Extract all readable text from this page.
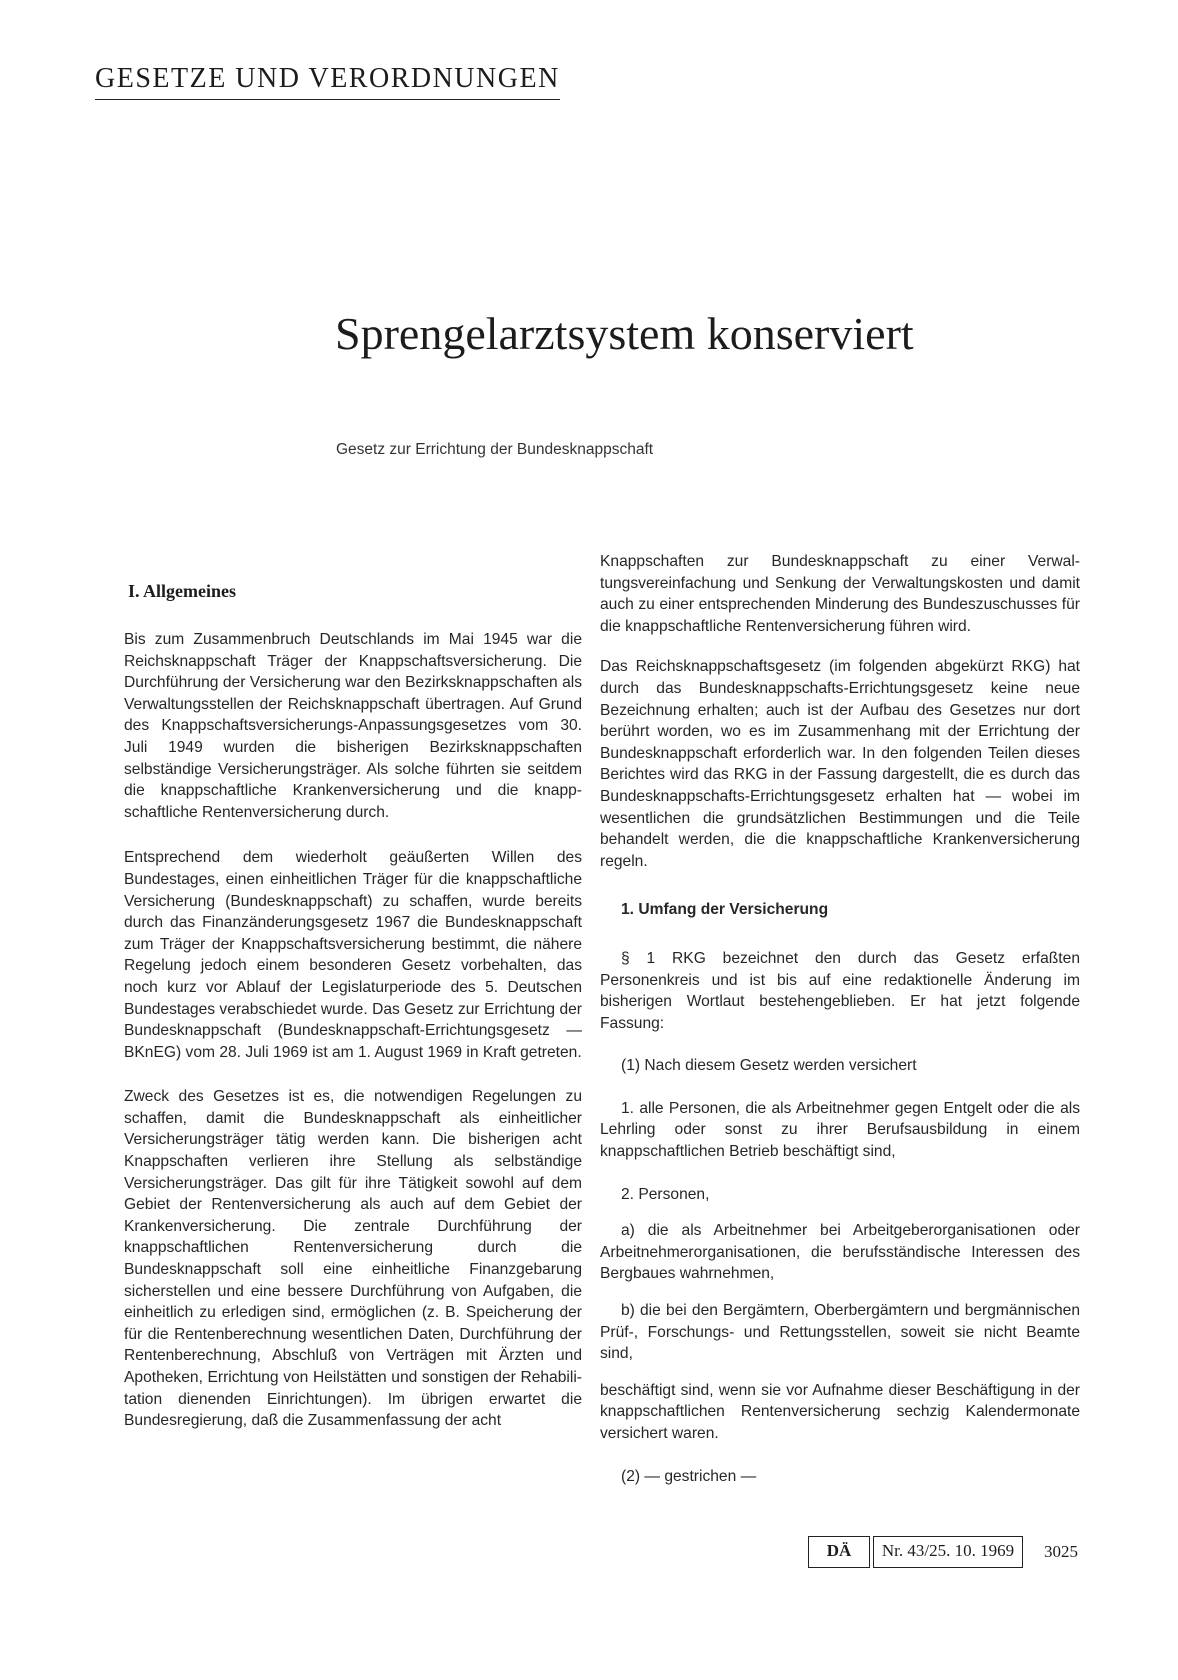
GESETZE UND VERORDNUNGEN
Sprengelarztsystem konserviert
Gesetz zur Errichtung der Bundesknappschaft
I. Allgemeines

Bis zum Zusammenbruch Deutschlands im Mai 1945 war die Reichsknappschaft Träger der Knappschaftsversicherung. Die Durchführung der Versicherung war den Bezirksknappschaften als Verwaltungsstellen der Reichsknappschaft übertragen. Auf Grund des Knappschaftsversicherungs-Anpassungsgesetzes vom 30. Juli 1949 wurden die bisherigen Bezirksknappschaften selbständige Versicherungsträger. Als solche führten sie seitdem die knappschaftliche Krankenversicherung und die knappschaftliche Rentenversicherung durch.

Entsprechend dem wiederholt geäußerten Willen des Bundestages, einen einheitlichen Träger für die knappschaftliche Versicherung (Bundesknappschaft) zu schaffen, wurde bereits durch das Finanzänderungsgesetz 1967 die Bundesknappschaft zum Träger der Knappschaftsversicherung bestimmt, die nähere Regelung jedoch einem besonderen Gesetz vorbehalten, das noch kurz vor Ablauf der Legislaturperiode des 5. Deutschen Bundestages verabschiedet wurde. Das Gesetz zur Errichtung der Bundesknappschaft (Bundesknappschaft-Errichtungsgesetz — BKnEG) vom 28. Juli 1969 ist am 1. August 1969 in Kraft getreten.

Zweck des Gesetzes ist es, die notwendigen Regelungen zu schaffen, damit die Bundesknappschaft als einheitlicher Versicherungsträger tätig werden kann. Die bisherigen acht Knappschaften verlieren ihre Stellung als selbständige Versicherungsträger. Das gilt für ihre Tätigkeit sowohl auf dem Gebiet der Rentenversicherung als auch auf dem Gebiet der Krankenversicherung. Die zentrale Durchführung der knappschaftlichen Rentenversicherung durch die Bundesknappschaft soll eine einheitliche Finanzgebarung sicherstellen und eine bessere Durchführung von Aufgaben, die einheitlich zu erledigen sind, ermöglichen (z. B. Speicherung der für die Rentenberechnung wesentlichen Daten, Durchführung der Rentenberechnung, Abschluß von Verträgen mit Ärzten und Apotheken, Errichtung von Heilstätten und sonstigen der Rehabilitation dienenden Einrichtungen). Im übrigen erwartet die Bundesregierung, daß die Zusammenfassung der acht

Knappschaften zur Bundesknappschaft zu einer Verwaltungsvereinfachung und Senkung der Verwaltungskosten und damit auch zu einer entsprechenden Minderung des Bundeszuschusses für die knappschaftliche Rentenversicherung führen wird.

Das Reichsknappschaftsgesetz (im folgenden abgekürzt RKG) hat durch das Bundesknappschafts-Errichtungsgesetz keine neue Bezeichnung erhalten; auch ist der Aufbau des Gesetzes nur dort berührt worden, wo es im Zusammenhang mit der Errichtung der Bundesknappschaft erforderlich war. In den folgenden Teilen dieses Berichtes wird das RKG in der Fassung dargestellt, die es durch das Bundesknappschafts-Errichtungsgesetz erhalten hat — wobei im wesentlichen die grundsätzlichen Bestimmungen und die Teile behandelt werden, die die knappschaftliche Krankenversicherung regeln.

1. Umfang der Versicherung

§ 1 RKG bezeichnet den durch das Gesetz erfaßten Personenkreis und ist bis auf eine redaktionelle Änderung im bisherigen Wortlaut bestehengeblieben. Er hat jetzt folgende Fassung:

(1) Nach diesem Gesetz werden versichert

1. alle Personen, die als Arbeitnehmer gegen Entgelt oder die als Lehrling oder sonst zu ihrer Berufsausbildung in einem knappschaftlichen Betrieb beschäftigt sind,

2. Personen,

a) die als Arbeitnehmer bei Arbeitgeberorganisationen oder Arbeitnehmerorganisationen, die berufsständische Interessen des Bergbaues wahrnehmen,

b) die bei den Bergämtern, Oberbergämtern und bergmännischen Prüf-, Forschungs- und Rettungsstellen, soweit sie nicht Beamte sind,

beschäftigt sind, wenn sie vor Aufnahme dieser Beschäftigung in der knappschaftlichen Rentenversicherung sechzig Kalendermonate versichert waren.

(2) — gestrichen —

DÄ	Nr. 43/25. 10. 1969	3025
